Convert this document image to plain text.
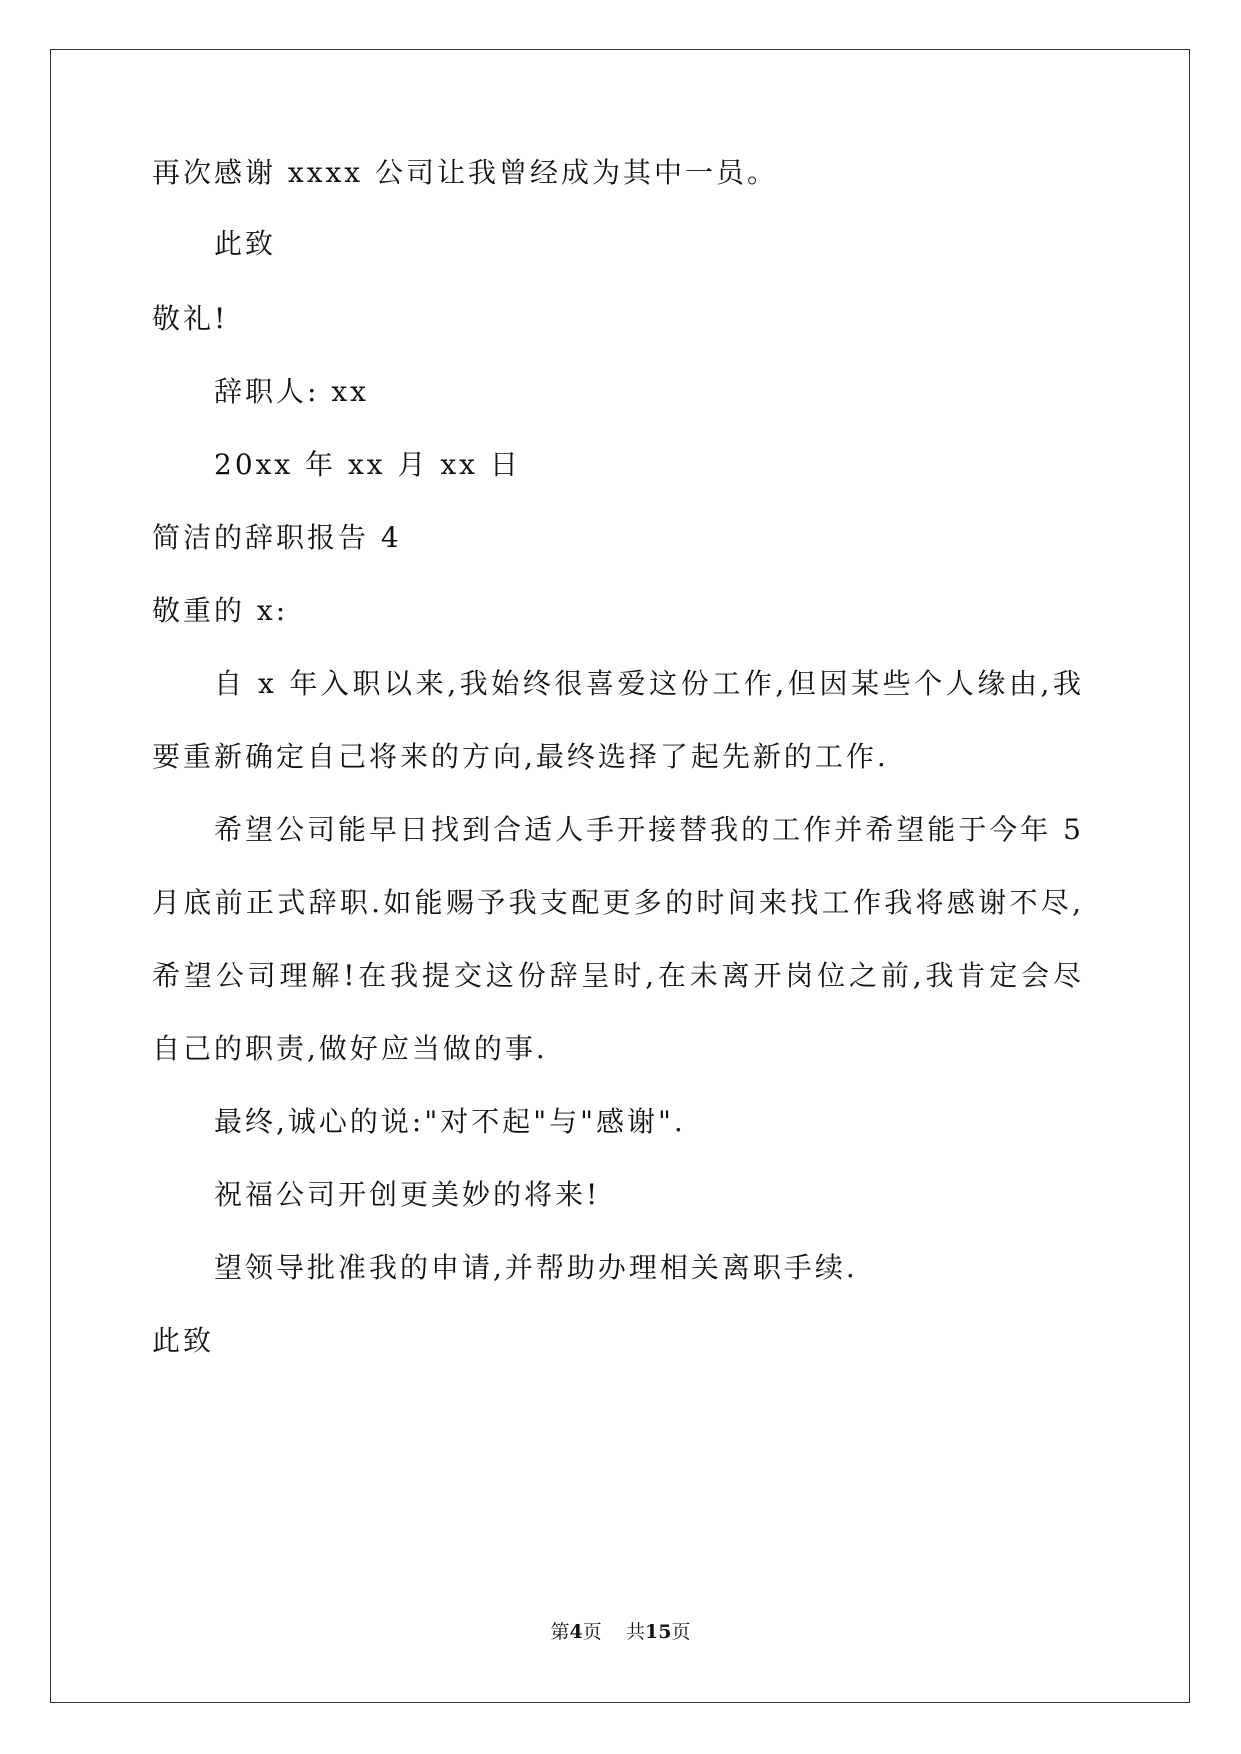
再次感谢 xxxx 公司让我曾经成为其中一员。
此致
敬礼!
辞职人: xx
20xx 年 xx 月 xx 日
简洁的辞职报告 4
敬重的 x:
自 x 年入职以来,我始终很喜爱这份工作,但因某些个人缘由,我
要重新确定自己将来的方向,最终选择了起先新的工作.
希望公司能早日找到合适人手开接替我的工作并希望能于今年 5
月底前正式辞职.如能赐予我支配更多的时间来找工作我将感谢不尽,
希望公司理解!在我提交这份辞呈时,在未离开岗位之前,我肯定会尽
自己的职责,做好应当做的事.
最终,诚心的说:"对不起"与"感谢".
祝福公司开创更美妙的将来!
望领导批准我的申请,并帮助办理相关离职手续.
此致
第4页 共15页
